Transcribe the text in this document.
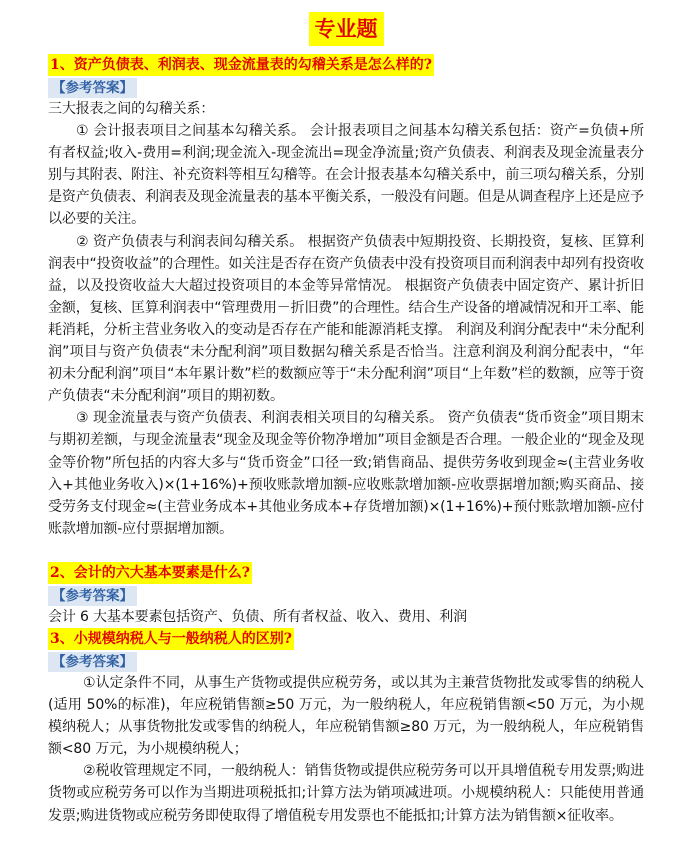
专业题
1、资产负债表、利润表、现金流量表的勾稽关系是怎么样的?
【参考答案】

三大报表之间的勾稽关系：

① 会计报表项目之间基本勾稽关系。 会计报表项目之间基本勾稽关系包括：资产=负债+所有者权益;收入-费用=利润;现金流入-现金流出=现金净流量;资产负债表、利润表及现金流量表分别与其附表、附注、补充资料等相互勾稽等。在会计报表基本勾稽关系中，前三项勾稽关系，分别是资产负债表、利润表及现金流量表的基本平衡关系，一般没有问题。但是从调查程序上还是应予以必要的关注。

② 资产负债表与利润表间勾稽关系。 根据资产负债表中短期投资、长期投资，复核、匡算利润表中“投资收益”的合理性。如关注是否存在资产负债表中没有投资项目而利润表中却列有投资收益，以及投资收益大大超过投资项目的本金等异常情况。 根据资产负债表中固定资产、累计折旧金额，复核、匡算利润表中“管理费用－折旧费”的合理性。结合生产设备的增减情况和开工率、能耗消耗，分析主营业务收入的变动是否存在产能和能源消耗支撑。 利润及利润分配表中“未分配利润”项目与资产负债表“未分配利润”项目数据勾稽关系是否恰当。注意利润及利润分配表中，“年初未分配利润”项目“本年累计数”栏的数额应等于“未分配利润”项目“上年数”栏的数额，应等于资产负债表“未分配利润”项目的期初数。

③ 现金流量表与资产负债表、利润表相关项目的勾稽关系。 资产负债表“货币资金”项目期末与期初差额，与现金流量表“现金及现金等价物净增加”项目金额是否合理。一般企业的“现金及现金等价物”所包括的内容大多与“货币资金”口径一致;销售商品、提供劳务收到现金≈(主营业务收入+其他业务收入)×(1+16%)+预收账款增加额-应收账款增加额-应收票据增加额;购买商品、接受劳务支付现金≈(主营业务成本+其他业务成本+存货增加额)×(1+16%)+预付账款增加额-应付账款增加额-应付票据增加额。

2、会计的六大基本要素是什么?
【参考答案】

会计 6 大基本要素包括资产、负债、所有者权益、收入、费用、利润

3、小规模纳税人与一般纳税人的区别?
【参考答案】

①认定条件不同，从事生产货物或提供应税劳务，或以其为主兼营货物批发或零售的纳税人(适用 50%的标准)，年应税销售额≥50 万元，为一般纳税人，年应税销售额<50 万元，为小规模纳税人；从事货物批发或零售的纳税人，年应税销售额≥80 万元，为一般纳税人，年应税销售额<80 万元，为小规模纳税人；

②税收管理规定不同，一般纳税人：销售货物或提供应税劳务可以开具增值税专用发票;购进货物或应税劳务可以作为当期进项税抵扣;计算方法为销项减进项。小规模纳税人：只能使用普通发票;购进货物或应税劳务即使取得了增值税专用发票也不能抵扣;计算方法为销售额×征收率。
